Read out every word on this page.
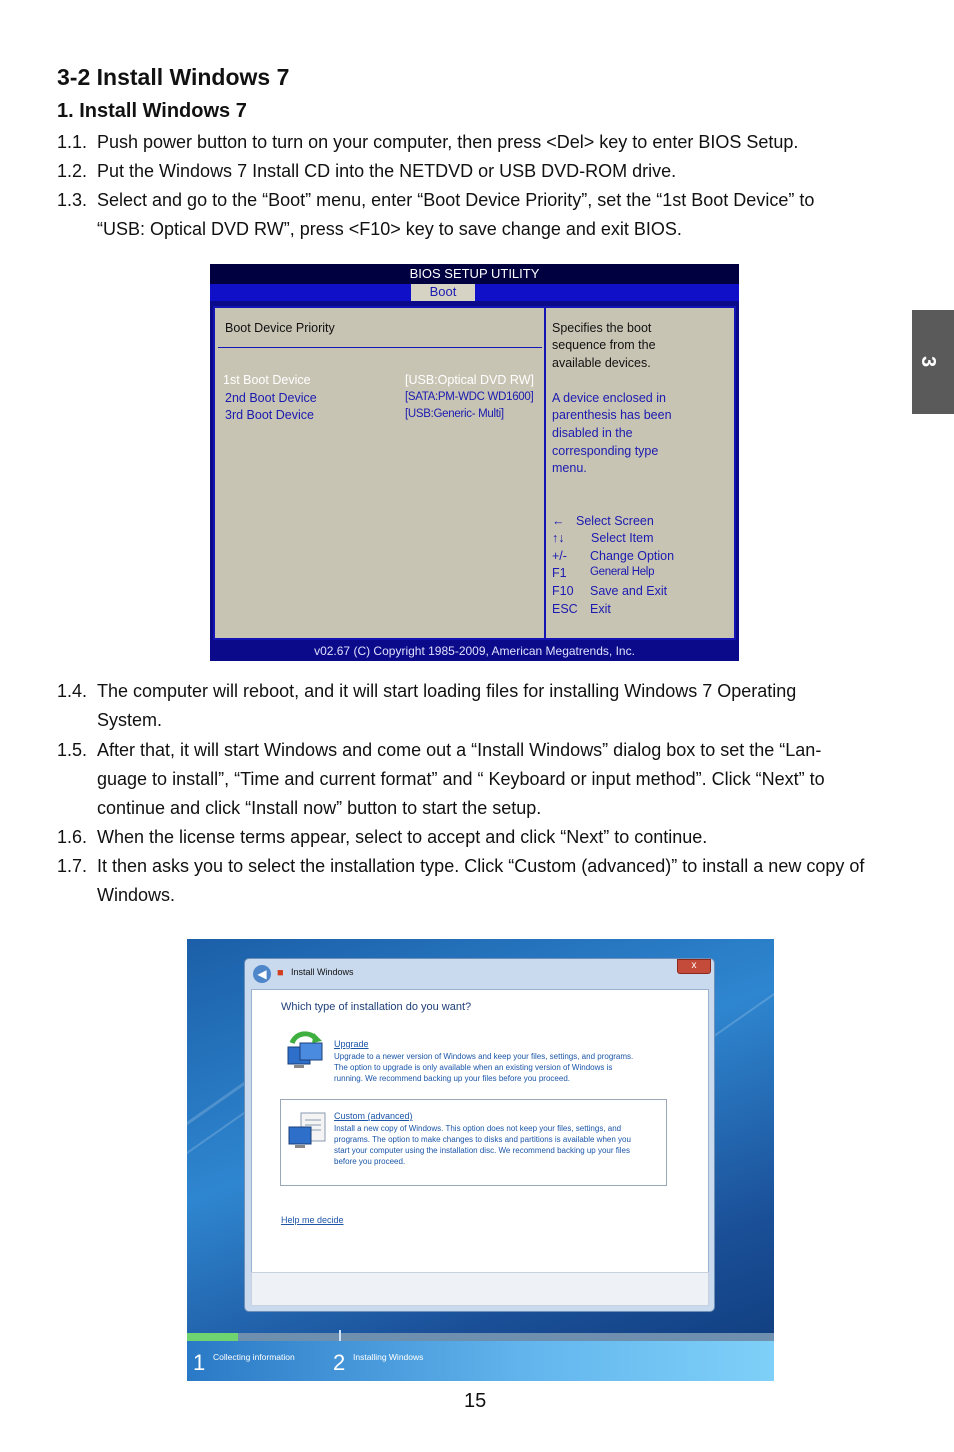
3
3-2 Install Windows 7
1. Install Windows 7
1.1. Push power button to turn on your computer, then press <Del> key to enter BIOS Setup.
1.2. Put the Windows 7 Install CD into the NETDVD or USB DVD-ROM drive.
1.3. Select and go to the “Boot” menu, enter “Boot Device Priority”, set the “1st Boot Device” to
“USB: Optical DVD RW”, press <F10> key to save change and exit BIOS.
BIOS SETUP UTILITY
Boot
Boot Device Priority
1st Boot Device	[USB:Optical DVD RW]
2nd Boot Device	[SATA:PM-WDC WD1600]
3rd Boot Device	[USB:Generic- Multi]
Specifies the boot
sequence from the
available devices.
A device enclosed in
parenthesis has been
disabled in the
corresponding type
menu.
← Select Screen
↑↓ Select Item
+/- Change Option
F1 General Help
F10 Save and Exit
ESC Exit
v02.67 (C) Copyright 1985-2009, American Megatrends, Inc.
1.4. The computer will reboot, and it will start loading files for installing Windows 7 Operating
System.
1.5. After that, it will start Windows and come out a “Install Windows” dialog box to set the “Lan-
guage to install”, “Time and current format” and “ Keyboard or input method”. Click “Next” to
continue and click “Install now” button to start the setup.
1.6. When the license terms appear, select to accept and click “Next” to continue.
1.7. It then asks you to select the installation type. Click “Custom (advanced)” to install a new copy of
Windows.
◀ ■ Install Windows
x
Which type of installation do you want?
Upgrade
Upgrade to a newer version of Windows and keep your files, settings, and programs.
The option to upgrade is only available when an existing version of Windows is
running. We recommend backing up your files before you proceed.
Custom (advanced)
Install a new copy of Windows. This option does not keep your files, settings, and
programs. The option to make changes to disks and partitions is available when you
start your computer using the installation disc. We recommend backing up your files
before you proceed.
Help me decide
1 Collecting information 2 Installing Windows
15
